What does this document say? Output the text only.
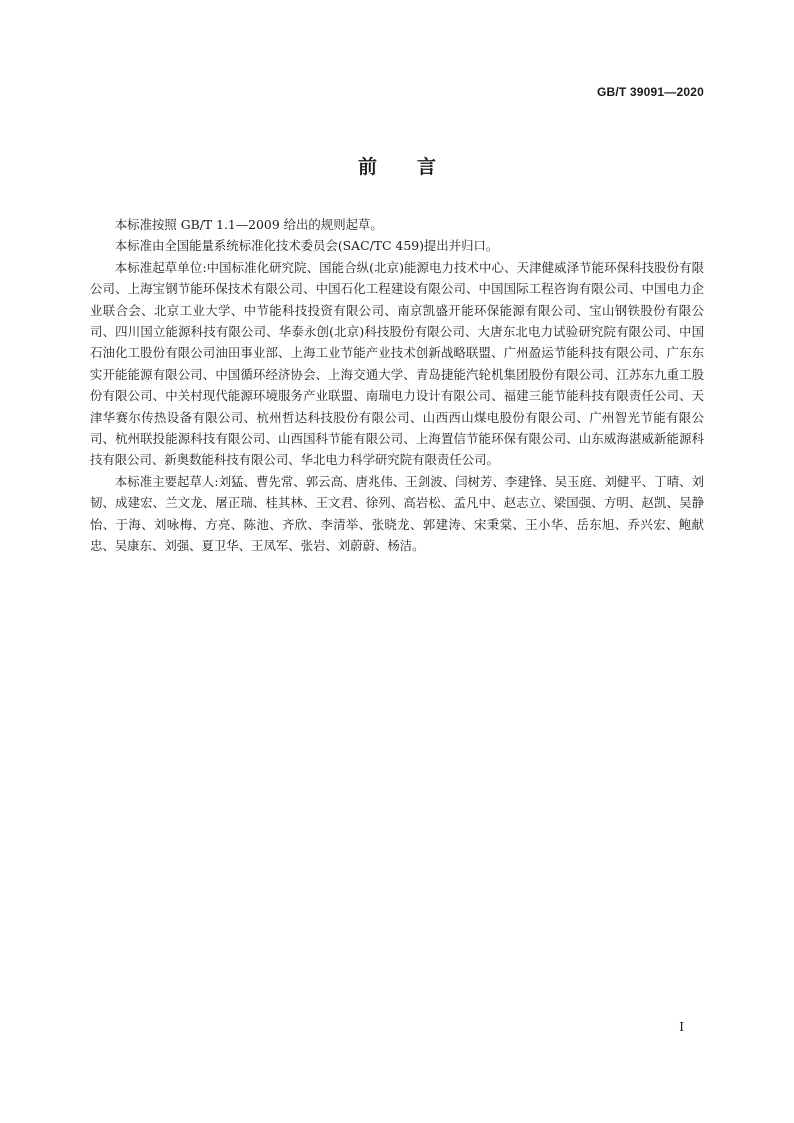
GB/T 39091—2020
前言

本标准按照 GB/T 1.1—2009 给出的规则起草。

本标准由全国能量系统标准化技术委员会(SAC/TC 459)提出并归口。

本标准起草单位:中国标准化研究院、国能合纵(北京)能源电力技术中心、天津健威泽节能环保科技股份有限公司、上海宝钢节能环保技术有限公司、中国石化工程建设有限公司、中国国际工程咨询有限公司、中国电力企业联合会、北京工业大学、中节能科技投资有限公司、南京凯盛开能环保能源有限公司、宝山钢铁股份有限公司、四川国立能源科技有限公司、华泰永创(北京)科技股份有限公司、大唐东北电力试验研究院有限公司、中国石油化工股份有限公司油田事业部、上海工业节能产业技术创新战略联盟、广州盈运节能科技有限公司、广东东实开能能源有限公司、中国循环经济协会、上海交通大学、青岛捷能汽轮机集团股份有限公司、江苏东九重工股份有限公司、中关村现代能源环境服务产业联盟、南瑞电力设计有限公司、福建三能节能科技有限责任公司、天津华赛尔传热设备有限公司、杭州哲达科技股份有限公司、山西西山煤电股份有限公司、广州智光节能有限公司、杭州联投能源科技有限公司、山西国科节能有限公司、上海置信节能环保有限公司、山东威海湛威新能源科技有限公司、新奥数能科技有限公司、华北电力科学研究院有限责任公司。

本标准主要起草人:刘猛、曹先常、郭云高、唐兆伟、王剑波、闫树芳、李建锋、吴玉庭、刘健平、丁晴、刘韧、成建宏、兰文龙、屠正瑞、桂其林、王文君、徐列、高岩松、孟凡中、赵志立、梁国强、方明、赵凯、吴静怡、于海、刘咏梅、方亮、陈池、齐欣、李清举、张晓龙、郭建涛、宋秉棠、王小华、岳东旭、乔兴宏、鲍献忠、吴康东、刘强、夏卫华、王凤军、张岩、刘蔚蔚、杨洁。

I
